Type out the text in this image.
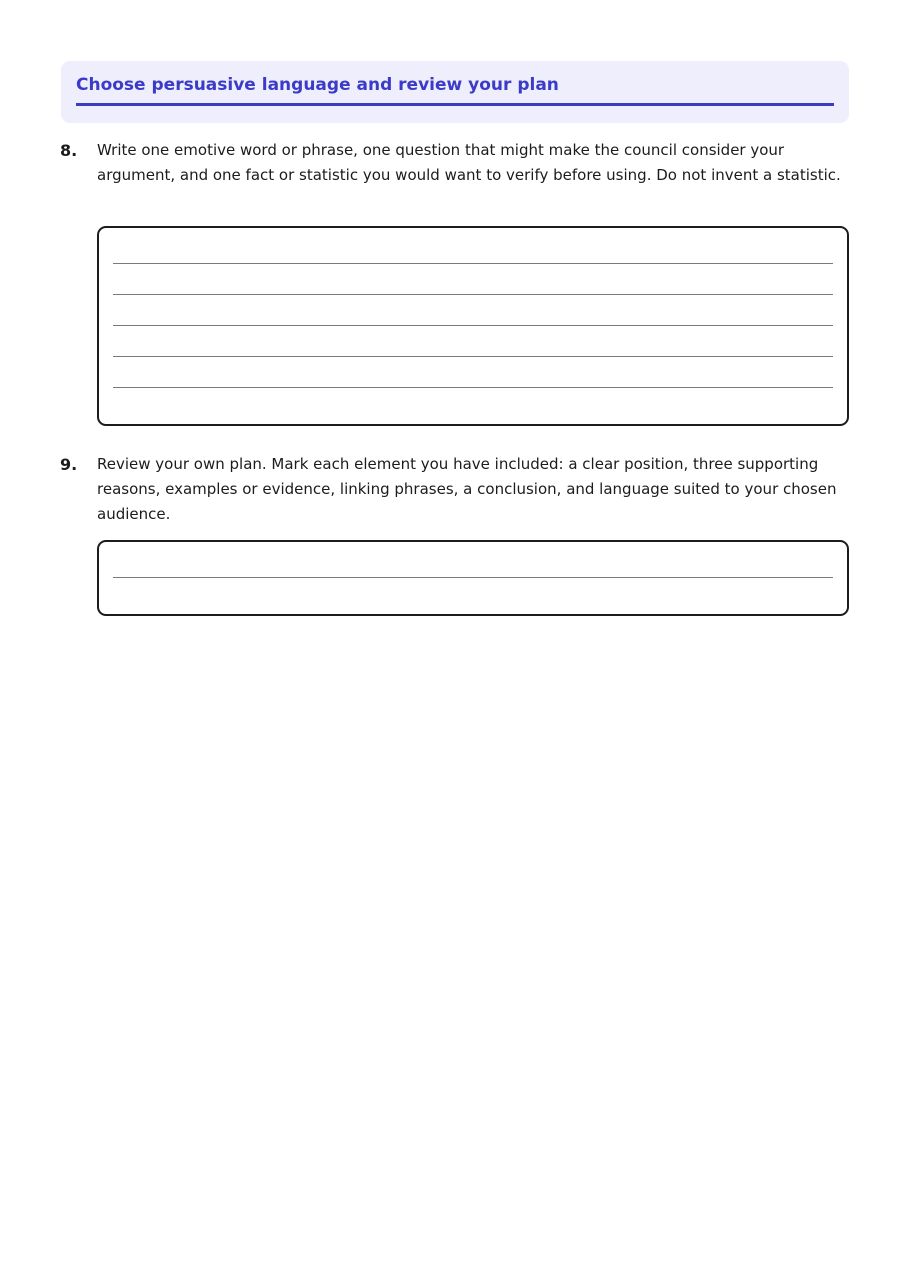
Choose persuasive language and review your plan
8. Write one emotive word or phrase, one question that might make the council consider your argument, and one fact or statistic you would want to verify before using. Do not invent a statistic.

9. Review your own plan. Mark each element you have included: a clear position, three supporting reasons, examples or evidence, linking phrases, a conclusion, and language suited to your chosen audience.
